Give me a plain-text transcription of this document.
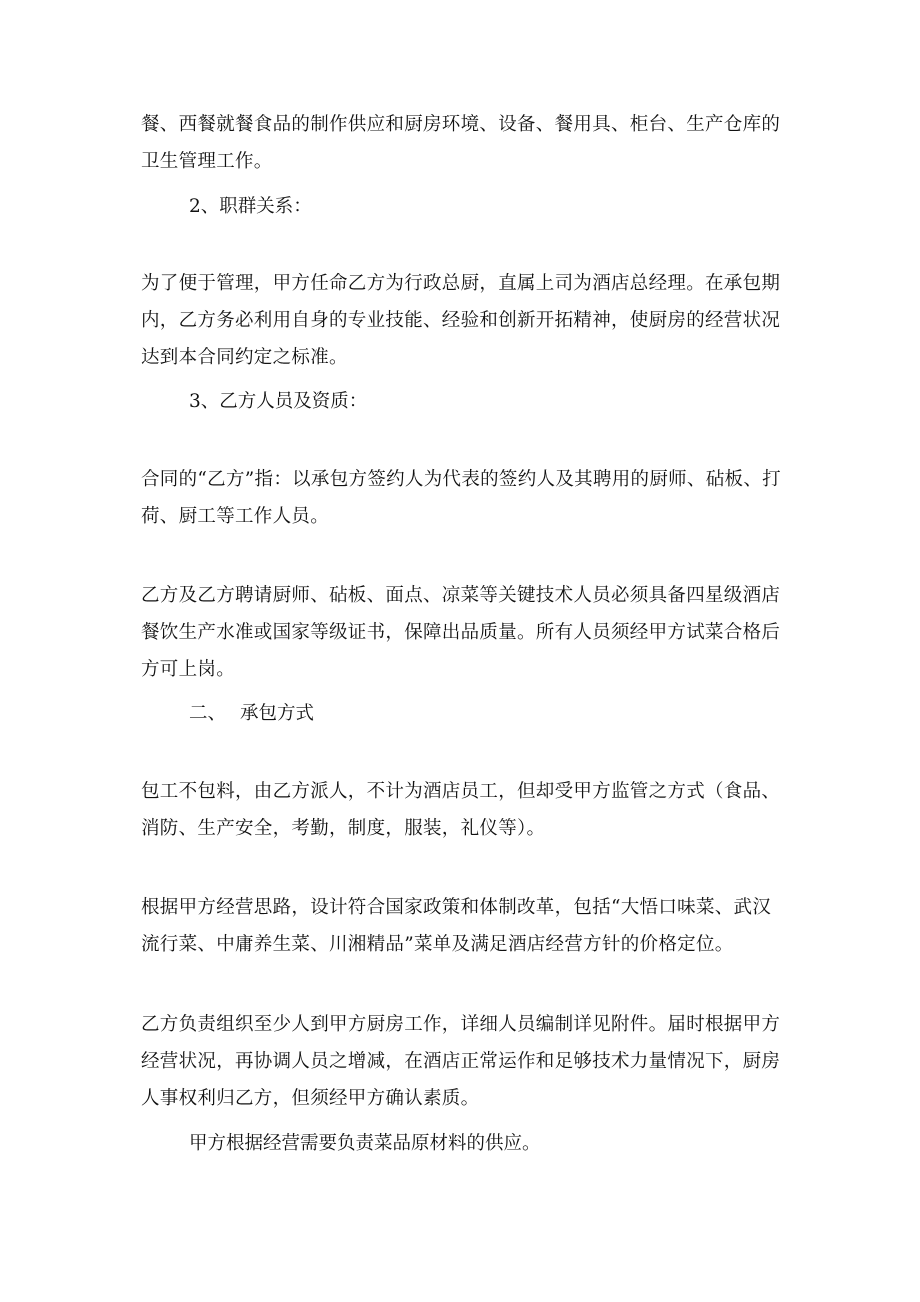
餐、西餐就餐食品的制作供应和厨房环境、设备、餐用具、柜台、生产仓库的卫生管理工作。

2、职群关系：

为了便于管理，甲方任命乙方为行政总厨，直属上司为酒店总经理。在承包期内，乙方务必利用自身的专业技能、经验和创新开拓精神，使厨房的经营状况达到本合同约定之标准。

3、乙方人员及资质：

合同的“乙方”指：以承包方签约人为代表的签约人及其聘用的厨师、砧板、打荷、厨工等工作人员。

乙方及乙方聘请厨师、砧板、面点、凉菜等关键技术人员必须具备四星级酒店餐饮生产水准或国家等级证书，保障出品质量。所有人员须经甲方试菜合格后方可上岗。

二、 承包方式

包工不包料，由乙方派人，不计为酒店员工，但却受甲方监管之方式（食品、消防、生产安全，考勤，制度，服装，礼仪等）。

根据甲方经营思路，设计符合国家政策和体制改革，包括“大悟口味菜、武汉流行菜、中庸养生菜、川湘精品”菜单及满足酒店经营方针的价格定位。

乙方负责组织至少人到甲方厨房工作，详细人员编制详见附件。届时根据甲方经营状况，再协调人员之增减，在酒店正常运作和足够技术力量情况下，厨房人事权利归乙方，但须经甲方确认素质。

甲方根据经营需要负责菜品原材料的供应。
